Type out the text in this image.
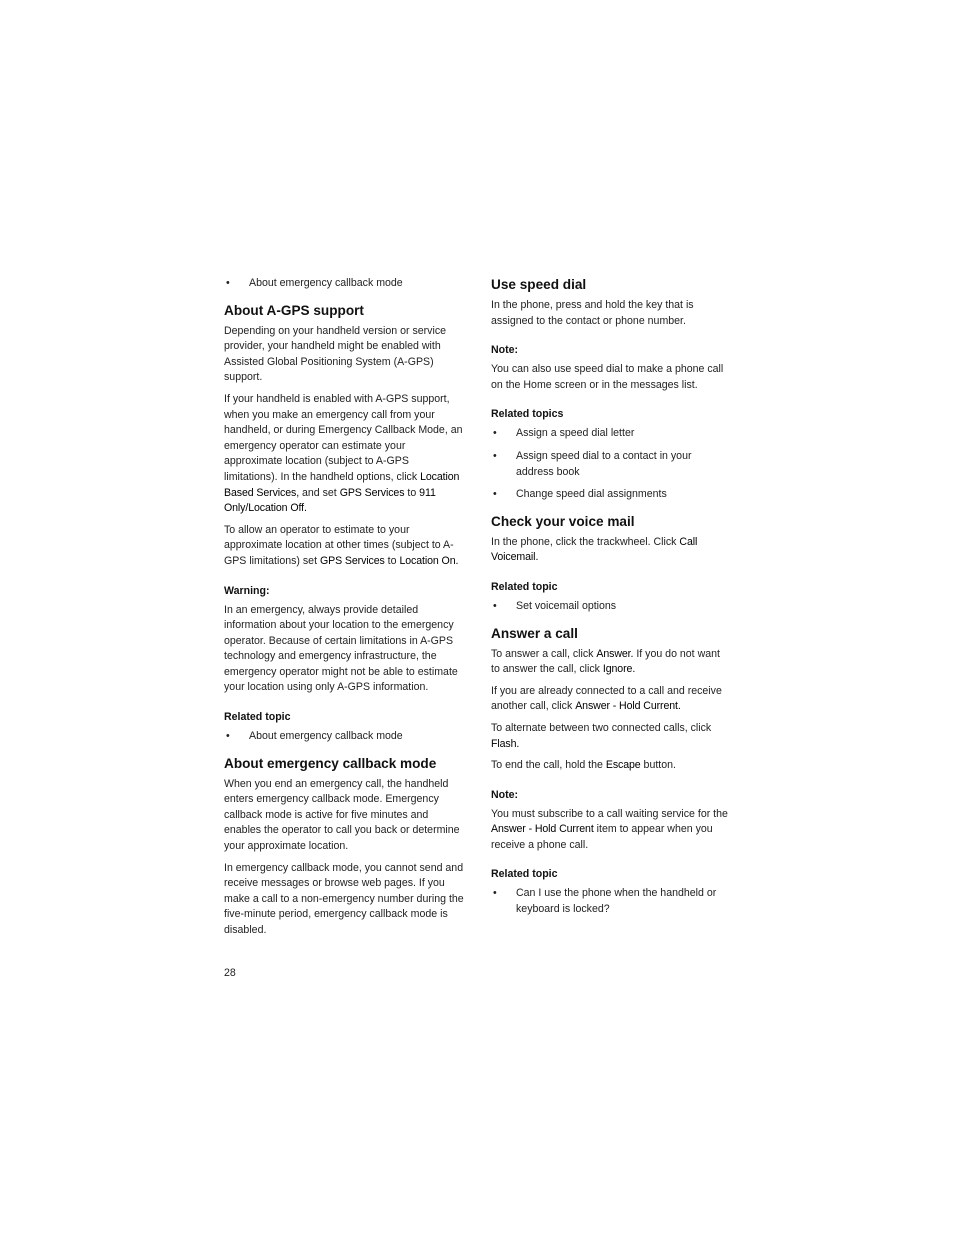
• About emergency callback mode
About A-GPS support

Depending on your handheld version or service provider, your handheld might be enabled with Assisted Global Positioning System (A-GPS) support.

If your handheld is enabled with A-GPS support, when you make an emergency call from your handheld, or during Emergency Callback Mode, an emergency operator can estimate your approximate location (subject to A-GPS limitations). In the handheld options, click Location Based Services, and set GPS Services to 911 Only/Location Off.

To allow an operator to estimate to your approximate location at other times (subject to A-GPS limitations) set GPS Services to Location On.

Warning:

In an emergency, always provide detailed information about your location to the emergency operator. Because of certain limitations in A-GPS technology and emergency infrastructure, the emergency operator might not be able to estimate your location using only A-GPS information.

Related topic
• About emergency callback mode
About emergency callback mode

When you end an emergency call, the handheld enters emergency callback mode. Emergency callback mode is active for five minutes and enables the operator to call you back or determine your approximate location.

In emergency callback mode, you cannot send and receive messages or browse web pages. If you make a call to a non-emergency number during the five-minute period, emergency callback mode is disabled.

Use speed dial

In the phone, press and hold the key that is assigned to the contact or phone number.

Note:

You can also use speed dial to make a phone call on the Home screen or in the messages list.

Related topics
• Assign a speed dial letter
• Assign speed dial to a contact in your address book
• Change speed dial assignments
Check your voice mail

In the phone, click the trackwheel. Click Call Voicemail.

Related topic
• Set voicemail options
Answer a call

To answer a call, click Answer. If you do not want to answer the call, click Ignore.

If you are already connected to a call and receive another call, click Answer - Hold Current.

To alternate between two connected calls, click Flash.

To end the call, hold the Escape button.

Note:

You must subscribe to a call waiting service for the Answer - Hold Current item to appear when you receive a phone call.

Related topic
• Can I use the phone when the handheld or keyboard is locked?
28
